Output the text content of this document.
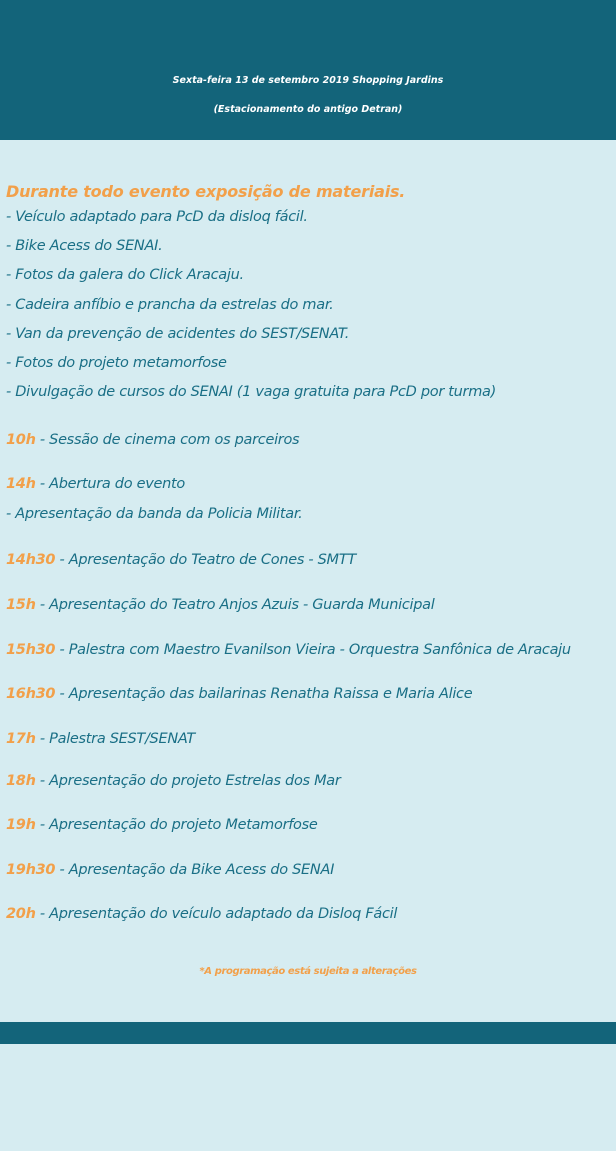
Sexta-feira 13 de setembro 2019 Shopping Jardins
(Estacionamento do antigo Detran)
Durante todo evento exposição de materiais.
- Veículo adaptado para PcD da disloq fácil.
- Bike Acess do SENAI.
- Fotos da galera do Click Aracaju.
- Cadeira anfíbio e prancha da estrelas do mar.
- Van da prevenção de acidentes do SEST/SENAT.
- Fotos do projeto metamorfose
- Divulgação de cursos do SENAI (1 vaga gratuita para PcD por turma)
10h - Sessão de cinema com os parceiros
14h - Abertura do evento
- Apresentação da banda da Policia Militar.
14h30 - Apresentação do Teatro de Cones - SMTT
15h - Apresentação do Teatro Anjos Azuis - Guarda Municipal
15h30 - Palestra com Maestro Evanilson Vieira - Orquestra Sanfônica de Aracaju
16h30 - Apresentação das bailarinas Renatha Raissa e Maria Alice
17h - Palestra SEST/SENAT
18h - Apresentação do projeto Estrelas dos Mar
19h - Apresentação do projeto Metamorfose
19h30 - Apresentação da Bike Acess do SENAI
20h - Apresentação do veículo adaptado da Disloq Fácil
*A programação está sujeita a alterações
